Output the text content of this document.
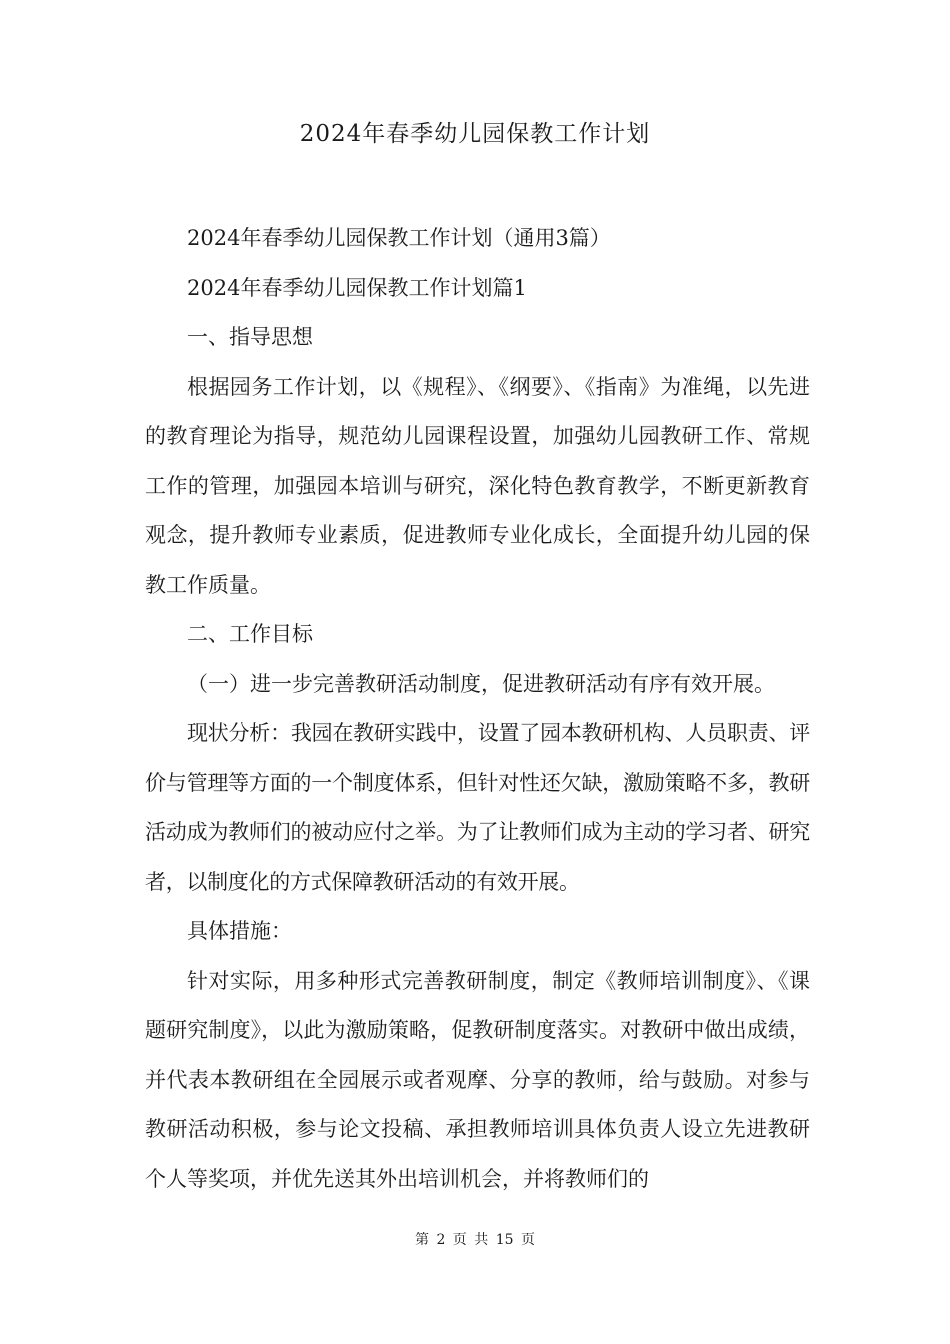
2024年春季幼儿园保教工作计划

2024年春季幼儿园保教工作计划（通用3篇）

2024年春季幼儿园保教工作计划篇1

一、指导思想

根据园务工作计划，以《规程》、《纲要》、《指南》为准绳，以先进的教育理论为指导，规范幼儿园课程设置，加强幼儿园教研工作、常规工作的管理，加强园本培训与研究，深化特色教育教学，不断更新教育观念，提升教师专业素质，促进教师专业化成长，全面提升幼儿园的保教工作质量。

二、工作目标

（一）进一步完善教研活动制度，促进教研活动有序有效开展。

现状分析：我园在教研实践中，设置了园本教研机构、人员职责、评价与管理等方面的一个制度体系，但针对性还欠缺，激励策略不多，教研活动成为教师们的被动应付之举。为了让教师们成为主动的学习者、研究者，以制度化的方式保障教研活动的有效开展。

具体措施：

针对实际，用多种形式完善教研制度，制定《教师培训制度》、《课题研究制度》，以此为激励策略，促教研制度落实。对教研中做出成绩，并代表本教研组在全园展示或者观摩、分享的教师，给与鼓励。对参与教研活动积极，参与论文投稿、承担教师培训具体负责人设立先进教研个人等奖项，并优先送其外出培训机会，并将教师们的

第 2 页 共 15 页
